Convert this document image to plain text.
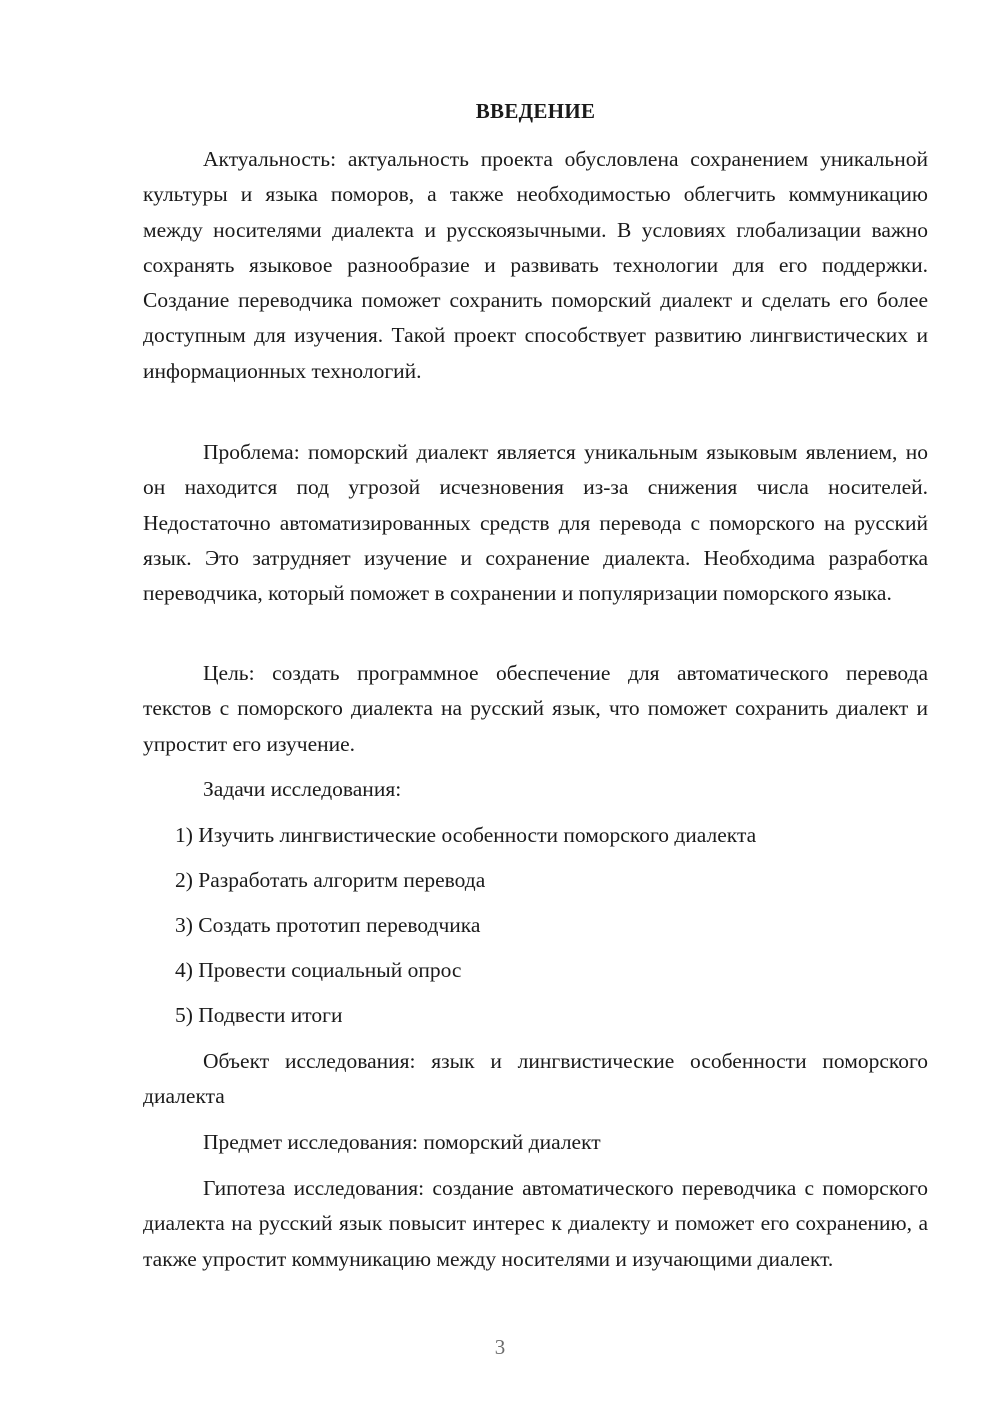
ВВЕДЕНИЕ

Актуальность: актуальность проекта обусловлена сохранением уникальной культуры и языка поморов, а также необходимостью облегчить коммуникацию между носителями диалекта и русскоязычными. В условиях глобализации важно сохранять языковое разнообразие и развивать технологии для его поддержки. Создание переводчика поможет сохранить поморский диалект и сделать его более доступным для изучения. Такой проект способствует развитию лингвистических и информационных технологий.

Проблема: поморский диалект является уникальным языковым явлением, но он находится под угрозой исчезновения из-за снижения числа носителей. Недостаточно автоматизированных средств для перевода с поморского на русский язык. Это затрудняет изучение и сохранение диалекта. Необходима разработка переводчика, который поможет в сохранении и популяризации поморского языка.

Цель: создать программное обеспечение для автоматического перевода текстов с поморского диалекта на русский язык, что поможет сохранить диалект и упростит его изучение.

Задачи исследования:

1) Изучить лингвистические особенности поморского диалекта

2) Разработать алгоритм перевода

3) Создать прототип переводчика

4) Провести социальный опрос

5) Подвести итоги

Объект исследования: язык и лингвистические особенности поморского диалекта

Предмет исследования: поморский диалект

Гипотеза исследования: создание автоматического переводчика с поморского диалекта на русский язык повысит интерес к диалекту и поможет его сохранению, а также упростит коммуникацию между носителями и изучающими диалект.

3
